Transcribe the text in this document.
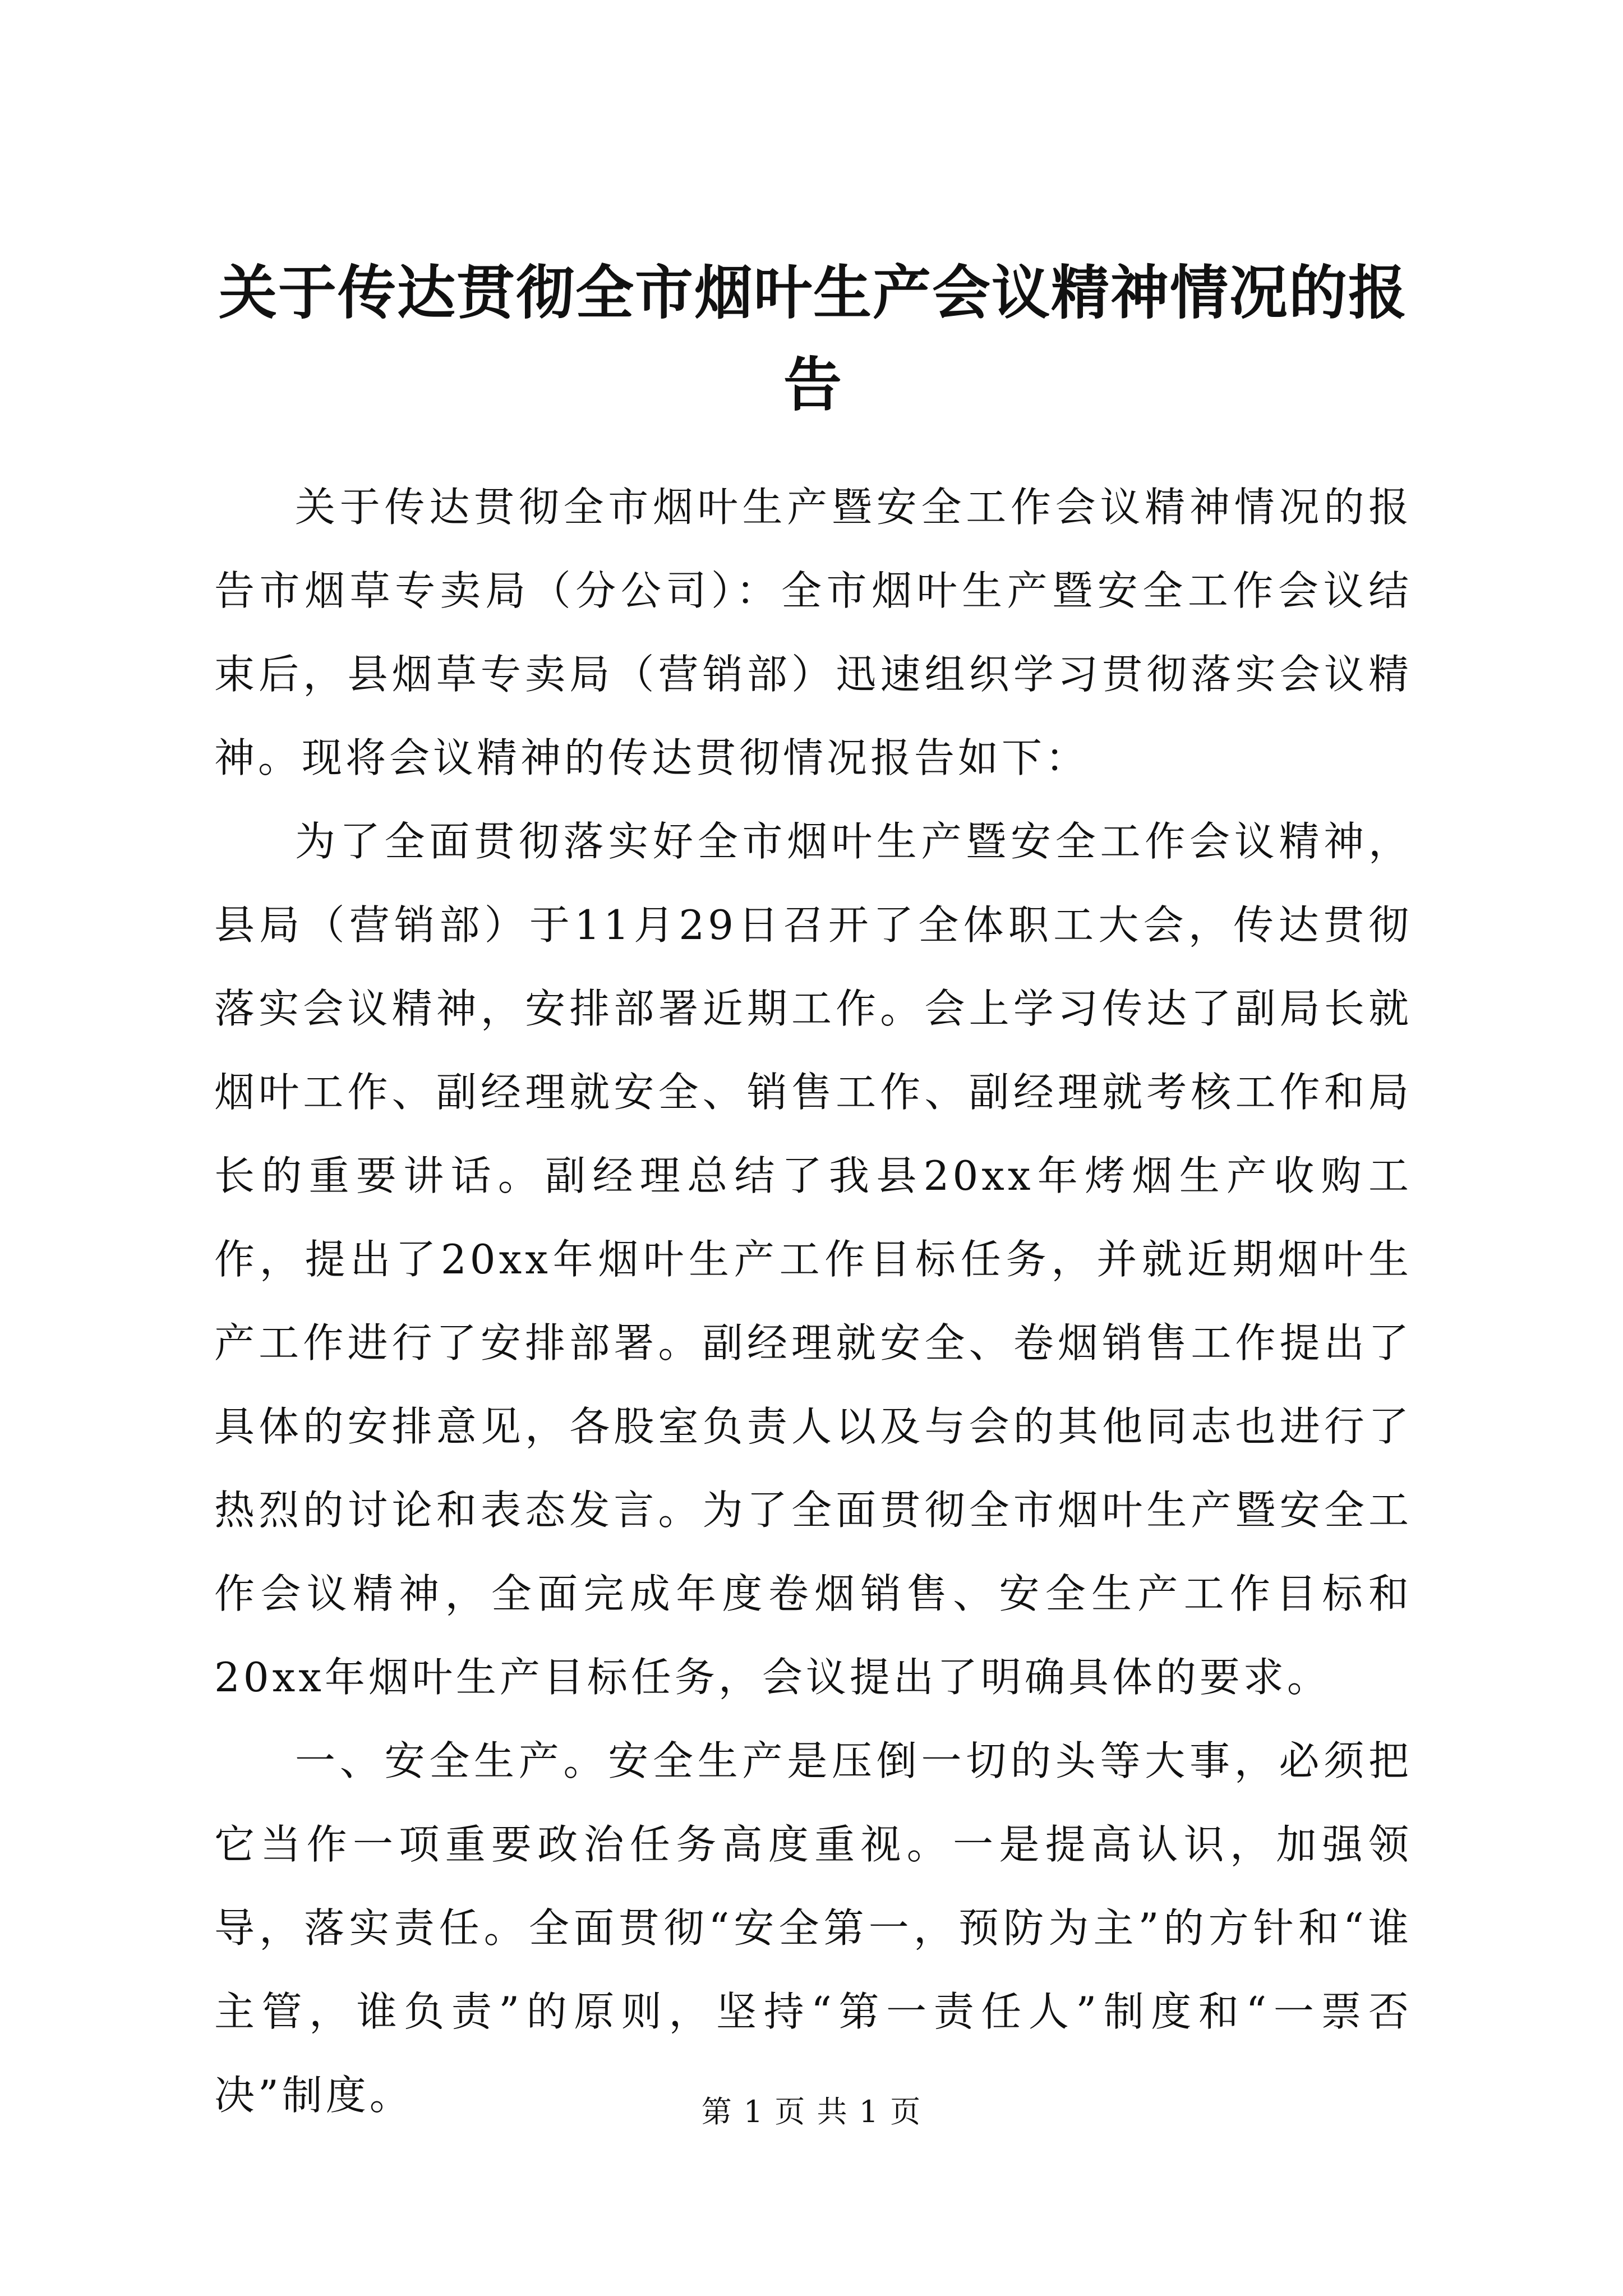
关于传达贯彻全市烟叶生产会议精神情况的报告

关于传达贯彻全市烟叶生产暨安全工作会议精神情况的报告市烟草专卖局（分公司）：全市烟叶生产暨安全工作会议结束后，县烟草专卖局（营销部）迅速组织学习贯彻落实会议精神。现将会议精神的传达贯彻情况报告如下：

为了全面贯彻落实好全市烟叶生产暨安全工作会议精神，县局（营销部）于11月29日召开了全体职工大会，传达贯彻落实会议精神，安排部署近期工作。会上学习传达了副局长就烟叶工作、副经理就安全、销售工作、副经理就考核工作和局长的重要讲话。副经理总结了我县20xx年烤烟生产收购工作，提出了20xx年烟叶生产工作目标任务，并就近期烟叶生产工作进行了安排部署。副经理就安全、卷烟销售工作提出了具体的安排意见，各股室负责人以及与会的其他同志也进行了热烈的讨论和表态发言。为了全面贯彻全市烟叶生产暨安全工作会议精神，全面完成年度卷烟销售、安全生产工作目标和20xx年烟叶生产目标任务，会议提出了明确具体的要求。

一、安全生产。安全生产是压倒一切的头等大事，必须把它当作一项重要政治任务高度重视。一是提高认识，加强领导，落实责任。全面贯彻“安全第一，预防为主”的方针和“谁主管，谁负责”的原则，坚持“第一责任人”制度和“一票否决”制度。	第 1 页 共 1 页
